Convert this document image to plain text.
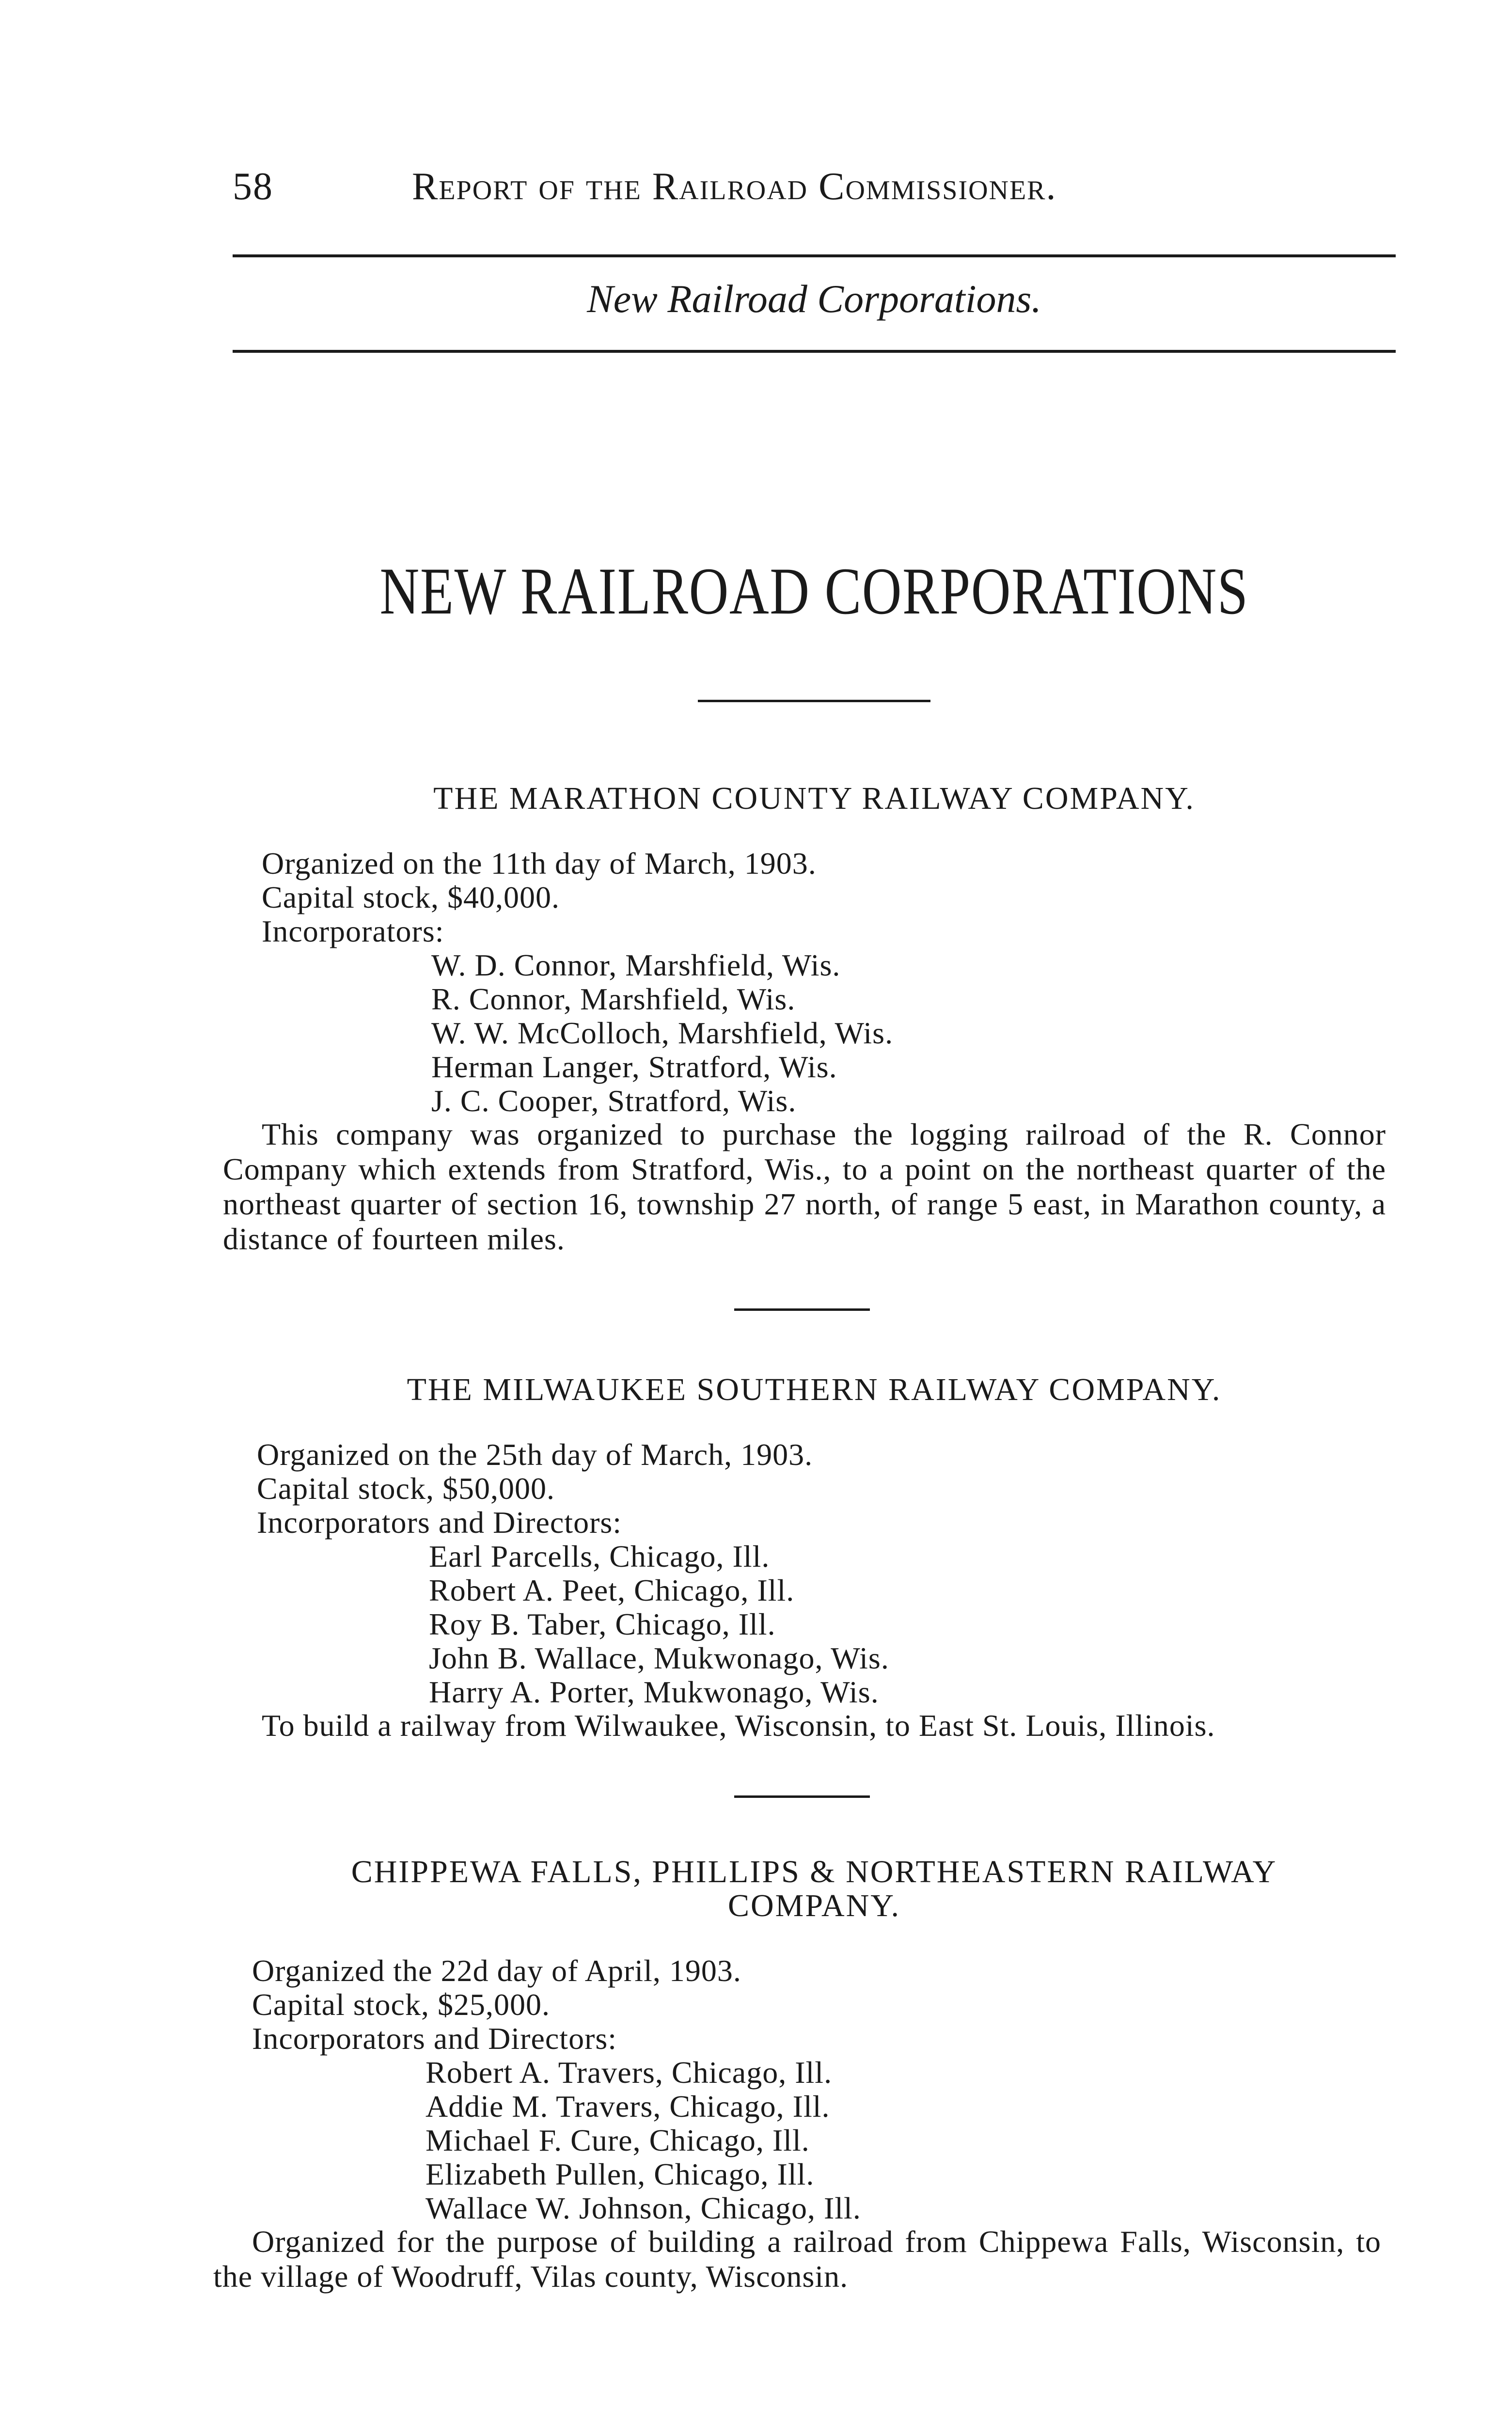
58	Report of the Railroad Commissioner.
New Railroad Corporations.
NEW RAILROAD CORPORATIONS
THE MARATHON COUNTY RAILWAY COMPANY.
Organized on the 11th day of March, 1903.
Capital stock, $40,000.
Incorporators:
W. D. Connor, Marshfield, Wis.
R. Connor, Marshfield, Wis.
W. W. McColloch, Marshfield, Wis.
Herman Langer, Stratford, Wis.
J. C. Cooper, Stratford, Wis.
This company was organized to purchase the logging railroad of the R. Connor Company which extends from Stratford, Wis., to a point on the northeast quarter of the northeast quarter of section 16, township 27 north, of range 5 east, in Marathon county, a distance of fourteen miles.
THE MILWAUKEE SOUTHERN RAILWAY COMPANY.
Organized on the 25th day of March, 1903.
Capital stock, $50,000.
Incorporators and Directors:
Earl Parcells, Chicago, Ill.
Robert A. Peet, Chicago, Ill.
Roy B. Taber, Chicago, Ill.
John B. Wallace, Mukwonago, Wis.
Harry A. Porter, Mukwonago, Wis.
To build a railway from Wilwaukee, Wisconsin, to East St. Louis, Illinois.
CHIPPEWA FALLS, PHILLIPS & NORTHEASTERN RAILWAY
COMPANY.
Organized the 22d day of April, 1903.
Capital stock, $25,000.
Incorporators and Directors:
Robert A. Travers, Chicago, Ill.
Addie M. Travers, Chicago, Ill.
Michael F. Cure, Chicago, Ill.
Elizabeth Pullen, Chicago, Ill.
Wallace W. Johnson, Chicago, Ill.
Organized for the purpose of building a railroad from Chippewa Falls, Wisconsin, to the village of Woodruff, Vilas county, Wisconsin.
